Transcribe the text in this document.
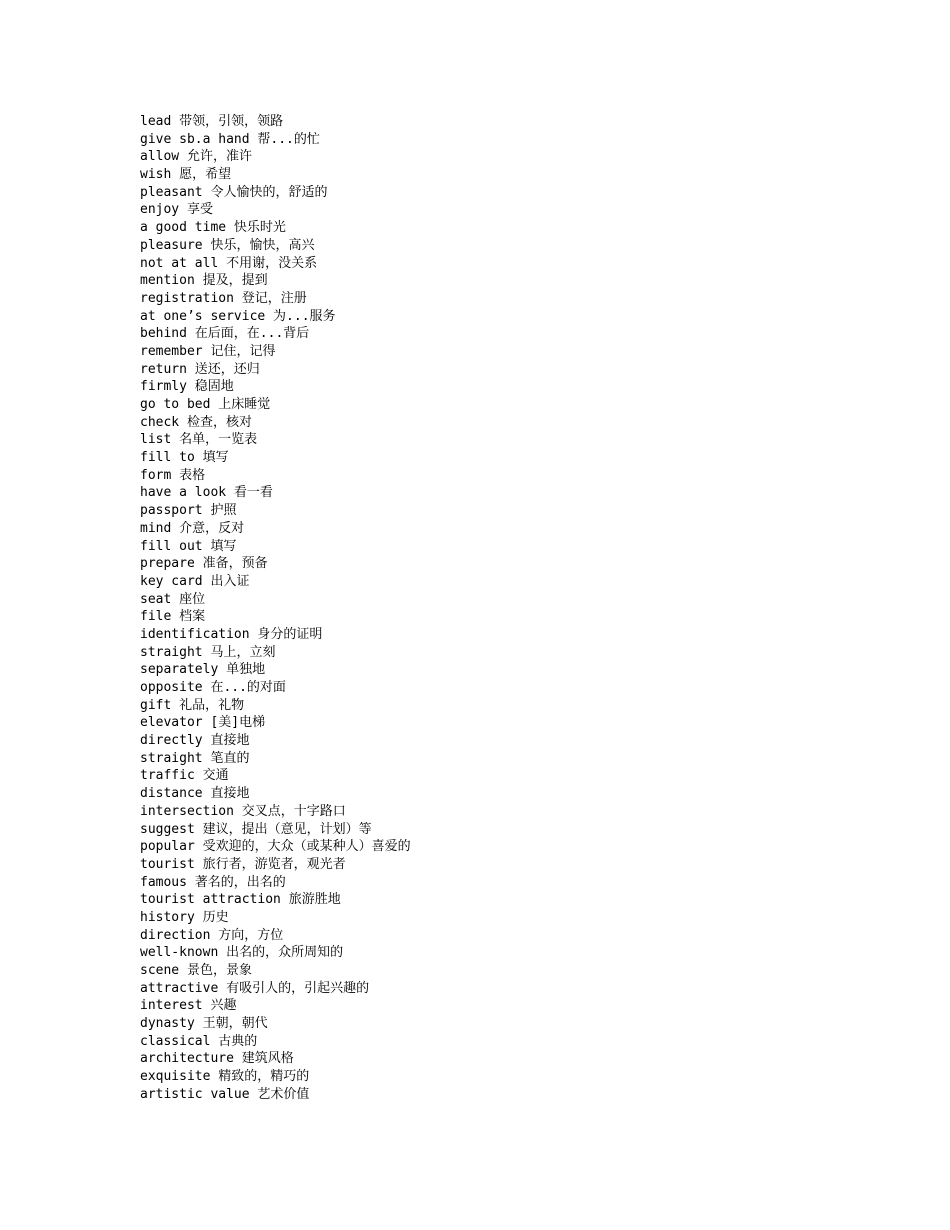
lead 带领，引领，领路
give sb.a hand 帮...的忙
allow 允许，准许
wish 愿，希望
pleasant 令人愉快的，舒适的
enjoy 享受
a good time 快乐时光
pleasure 快乐，愉快，高兴
not at all 不用谢，没关系
mention 提及，提到
registration 登记，注册
at one’s service 为...服务
behind 在后面，在...背后
remember 记住，记得
return 送还，还归
firmly 稳固地
go to bed 上床睡觉
check 检查，核对
list 名单，一览表
fill to 填写
form 表格
have a look 看一看
passport 护照
mind 介意，反对
fill out 填写
prepare 准备，预备
key card 出入证
seat 座位
file 档案
identification 身分的证明
straight 马上，立刻
separately 单独地
opposite 在...的对面
gift 礼品，礼物
elevator [美]电梯
directly 直接地
straight 笔直的
traffic 交通
distance 直接地
intersection 交叉点，十字路口
suggest 建议，提出（意见，计划）等
popular 受欢迎的，大众（或某种人）喜爱的
tourist 旅行者，游览者，观光者
famous 著名的，出名的
tourist attraction 旅游胜地
history 历史
direction 方向，方位
well-known 出名的，众所周知的
scene 景色，景象
attractive 有吸引人的，引起兴趣的
interest 兴趣
dynasty 王朝，朝代
classical 古典的
architecture 建筑风格
exquisite 精致的，精巧的
artistic value 艺术价值
